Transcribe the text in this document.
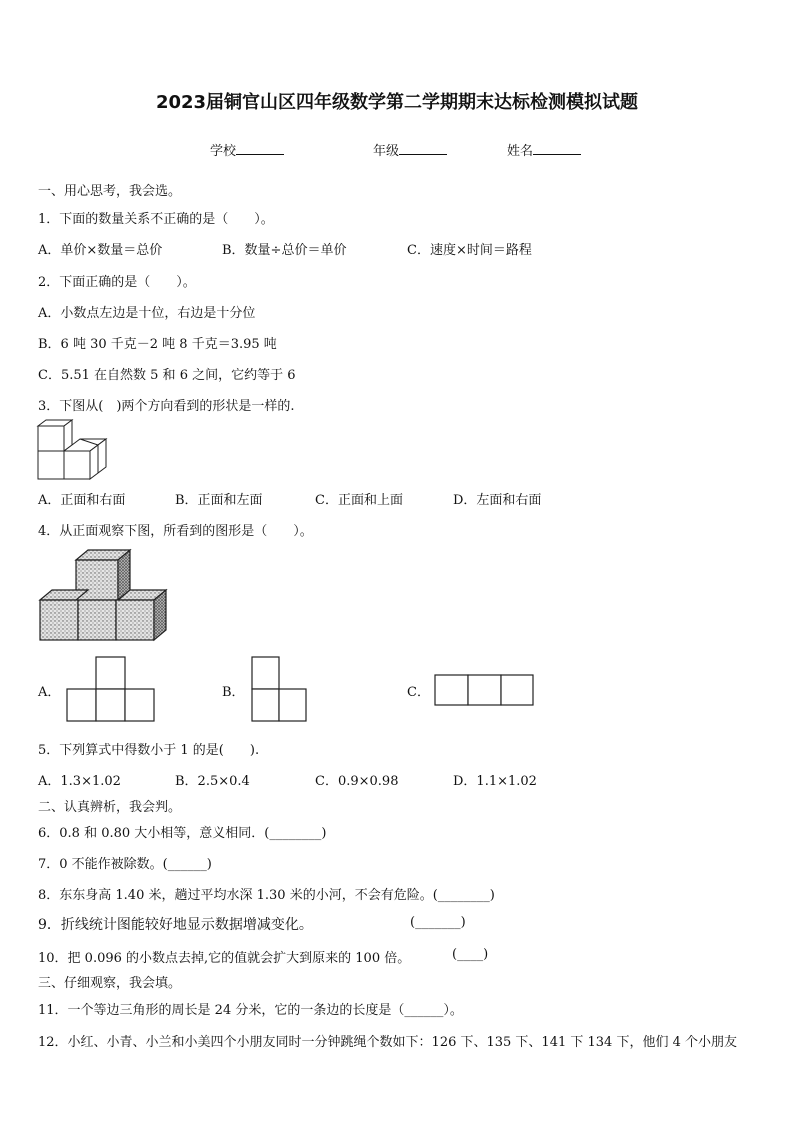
2023届铜官山区四年级数学第二学期期末达标检测模拟试题
学校	年级	姓名
一、用心思考，我会选。
1．下面的数量关系不正确的是（　　）。
A．单价×数量＝总价	B．数量÷总价＝单价	C．速度×时间＝路程
2．下面正确的是（　　）。
A．小数点左边是十位，右边是十分位
B．6 吨 30 千克－2 吨 8 千克＝3.95 吨
C．5.51 在自然数 5 和 6 之间，它约等于 6
3．下图从(　)两个方向看到的形状是一样的.
A．正面和右面	B．正面和左面	C．正面和上面	D．左面和右面
4．从正面观察下图，所看到的图形是（　　）。
A．	B．	C．
5．下列算式中得数小于 1 的是(　　).
A．1.3×1.02	B．2.5×0.4	C．0.9×0.98	D．1.1×1.02
二、认真辨析，我会判。
6．0.8 和 0.80 大小相等，意义相同．(________)
7．0 不能作被除数。(______)
8．东东身高 1.40 米，趟过平均水深 1.30 米的小河，不会有危险。(________)
9．折线统计图能较好地显示数据增减变化。	(_______)
10．把 0.096 的小数点去掉,它的值就会扩大到原来的 100 倍。	(____)
三、仔细观察，我会填。
11．一个等边三角形的周长是 24 分米，它的一条边的长度是（______）。
12．小红、小青、小兰和小美四个小朋友同时一分钟跳绳个数如下：126 下、135 下、141 下 134 下，他们 4 个小朋友
